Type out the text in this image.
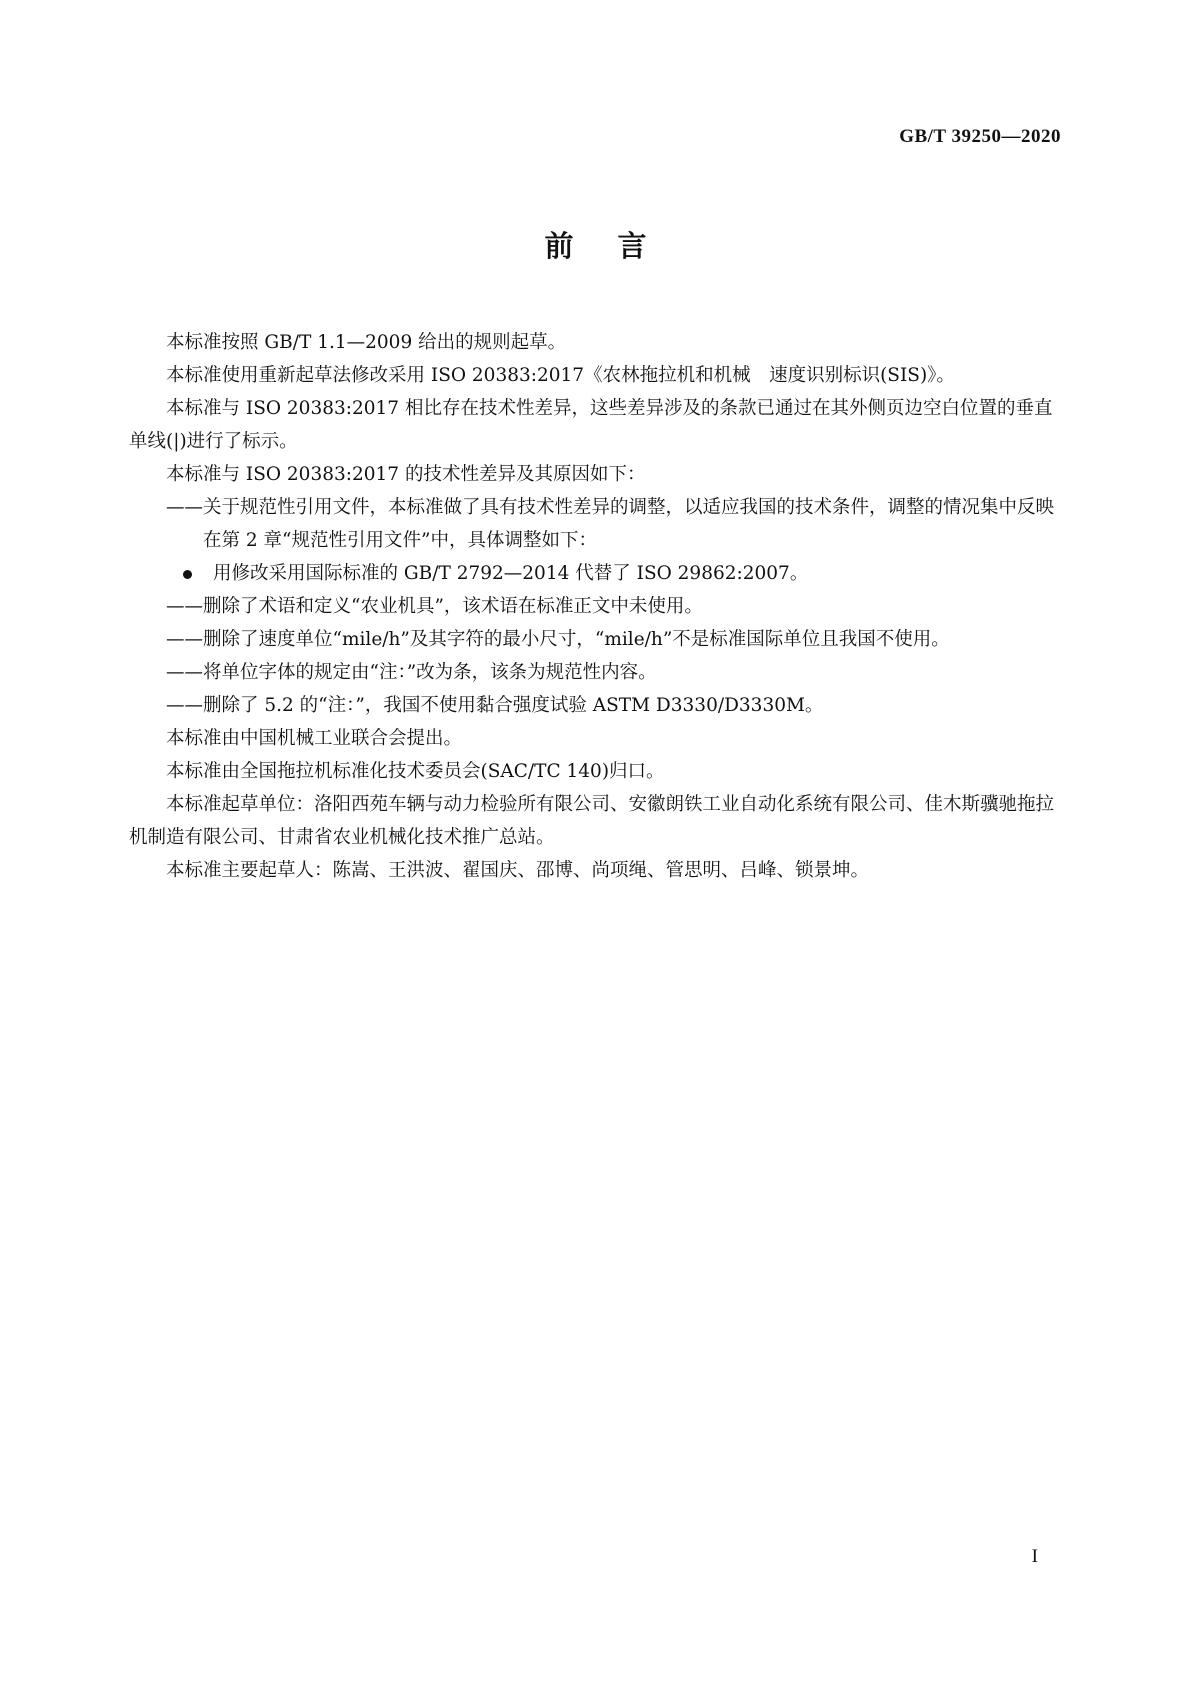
GB/T 39250—2020
前言

本标准按照 GB/T 1.1—2009 给出的规则起草。

本标准使用重新起草法修改采用 ISO 20383:2017《农林拖拉机和机械　速度识别标识(SIS)》。

本标准与 ISO 20383:2017 相比存在技术性差异，这些差异涉及的条款已通过在其外侧页边空白位置的垂直单线(|)进行了标示。

本标准与 ISO 20383:2017 的技术性差异及其原因如下：

——关于规范性引用文件，本标准做了具有技术性差异的调整，以适应我国的技术条件，调整的情况集中反映在第 2 章“规范性引用文件”中，具体调整如下：

用修改采用国际标准的 GB/T 2792—2014 代替了 ISO 29862:2007。

——删除了术语和定义“农业机具”，该术语在标准正文中未使用。

——删除了速度单位“mile/h”及其字符的最小尺寸，“mile/h”不是标准国际单位且我国不使用。

——将单位字体的规定由“注：”改为条，该条为规范性内容。

——删除了 5.2 的“注：”，我国不使用黏合强度试验 ASTM D3330/D3330M。

本标准由中国机械工业联合会提出。

本标准由全国拖拉机标准化技术委员会(SAC/TC 140)归口。

本标准起草单位：洛阳西苑车辆与动力检验所有限公司、安徽朗铁工业自动化系统有限公司、佳木斯骥驰拖拉机制造有限公司、甘肃省农业机械化技术推广总站。

本标准主要起草人：陈嵩、王洪波、翟国庆、邵博、尚项绳、管思明、吕峰、锁景坤。

I
